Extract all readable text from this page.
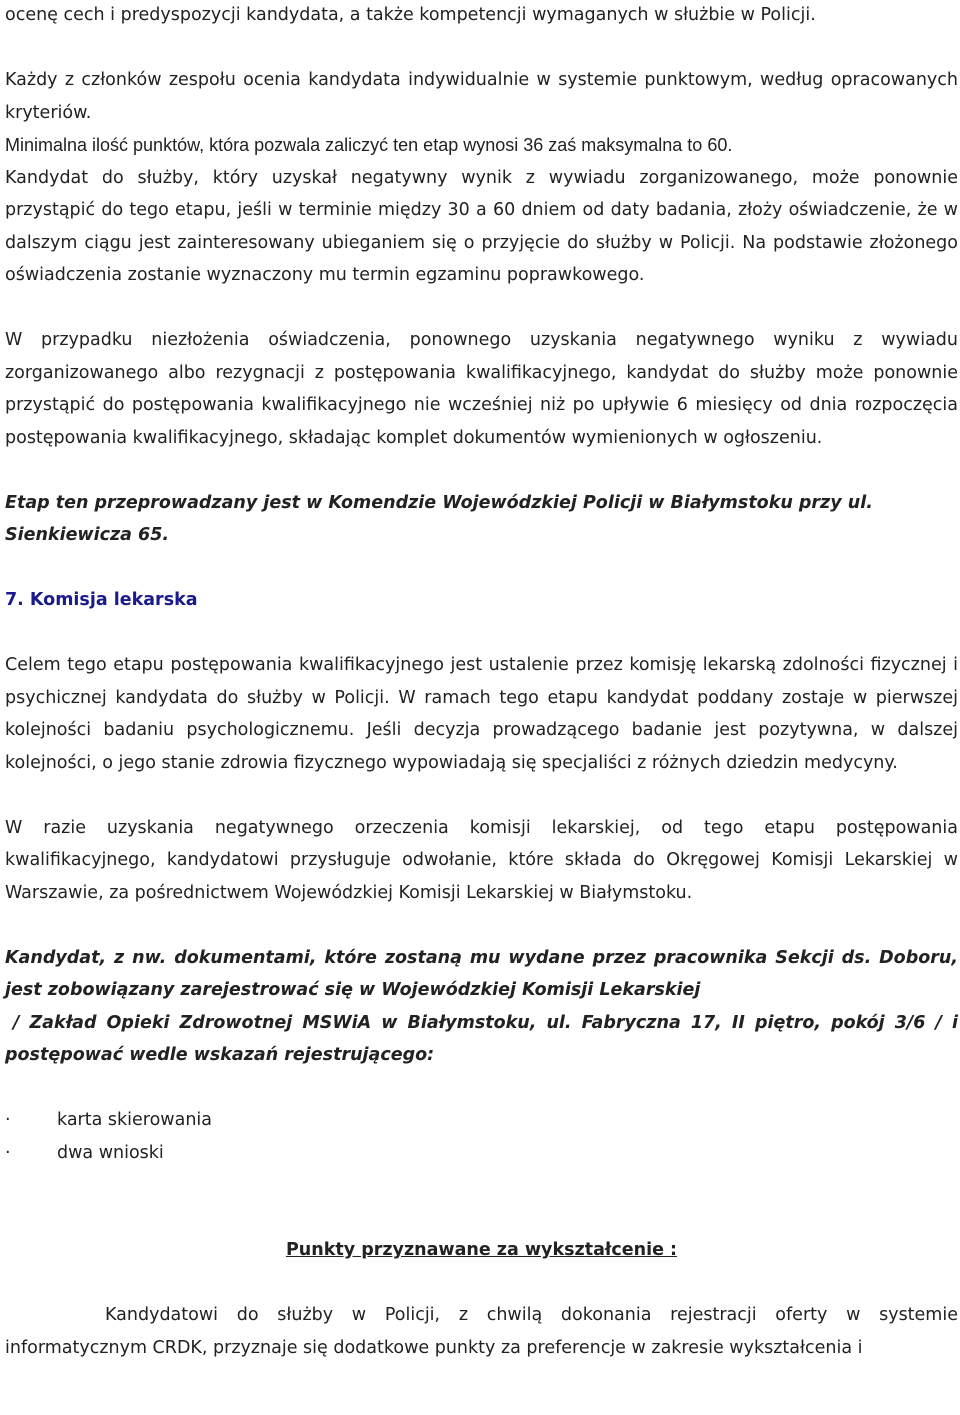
ocenę cech i predyspozycji kandydata, a także kompetencji wymaganych w służbie w Policji.

Każdy z członków zespołu ocenia kandydata indywidualnie w systemie punktowym, według opracowanych kryteriów.

Minimalna ilość punktów, która pozwala zaliczyć ten etap wynosi 36 zaś maksymalna to 60.

Kandydat do służby, który uzyskał negatywny wynik z wywiadu zorganizowanego, może ponownie przystąpić do tego etapu, jeśli w terminie między 30 a 60 dniem od daty badania, złoży oświadczenie, że w dalszym ciągu jest zainteresowany ubieganiem się o przyjęcie do służby w Policji. Na podstawie złożonego oświadczenia zostanie wyznaczony mu termin egzaminu poprawkowego.

W przypadku niezłożenia oświadczenia, ponownego uzyskania negatywnego wyniku z wywiadu zorganizowanego albo rezygnacji z postępowania kwalifikacyjnego, kandydat do służby może ponownie przystąpić do postępowania kwalifikacyjnego nie wcześniej niż po upływie 6 miesięcy od dnia rozpoczęcia postępowania kwalifikacyjnego, składając komplet dokumentów wymienionych w ogłoszeniu.

Etap ten przeprowadzany jest w Komendzie Wojewódzkiej Policji w Białymstoku przy ul. Sienkiewicza 65.

7. Komisja lekarska

Celem tego etapu postępowania kwalifikacyjnego jest ustalenie przez komisję lekarską zdolności fizycznej i psychicznej kandydata do służby w Policji. W ramach tego etapu kandydat poddany zostaje w pierwszej kolejności badaniu psychologicznemu. Jeśli decyzja prowadzącego badanie jest pozytywna, w dalszej kolejności, o jego stanie zdrowia fizycznego wypowiadają się specjaliści z różnych dziedzin medycyny.

W razie uzyskania negatywnego orzeczenia komisji lekarskiej, od tego etapu postępowania kwalifikacyjnego, kandydatowi przysługuje odwołanie, które składa do Okręgowej Komisji Lekarskiej w Warszawie, za pośrednictwem Wojewódzkiej Komisji Lekarskiej w Białymstoku.

Kandydat, z nw. dokumentami, które zostaną mu wydane przez pracownika Sekcji ds. Doboru, jest zobowiązany zarejestrować się w Wojewódzkiej Komisji Lekarskiej

/ Zakład Opieki Zdrowotnej MSWiA w Białymstoku, ul. Fabryczna 17, II piętro, pokój 3/6 / i postępować wedle wskazań rejestrującego:

·	karta skierowania

·	dwa wnioski

Punkty przyznawane za wykształcenie :

Kandydatowi do służby w Policji, z chwilą dokonania rejestracji oferty w systemie informatycznym CRDK, przyznaje się dodatkowe punkty za preferencje w zakresie wykształcenia i
